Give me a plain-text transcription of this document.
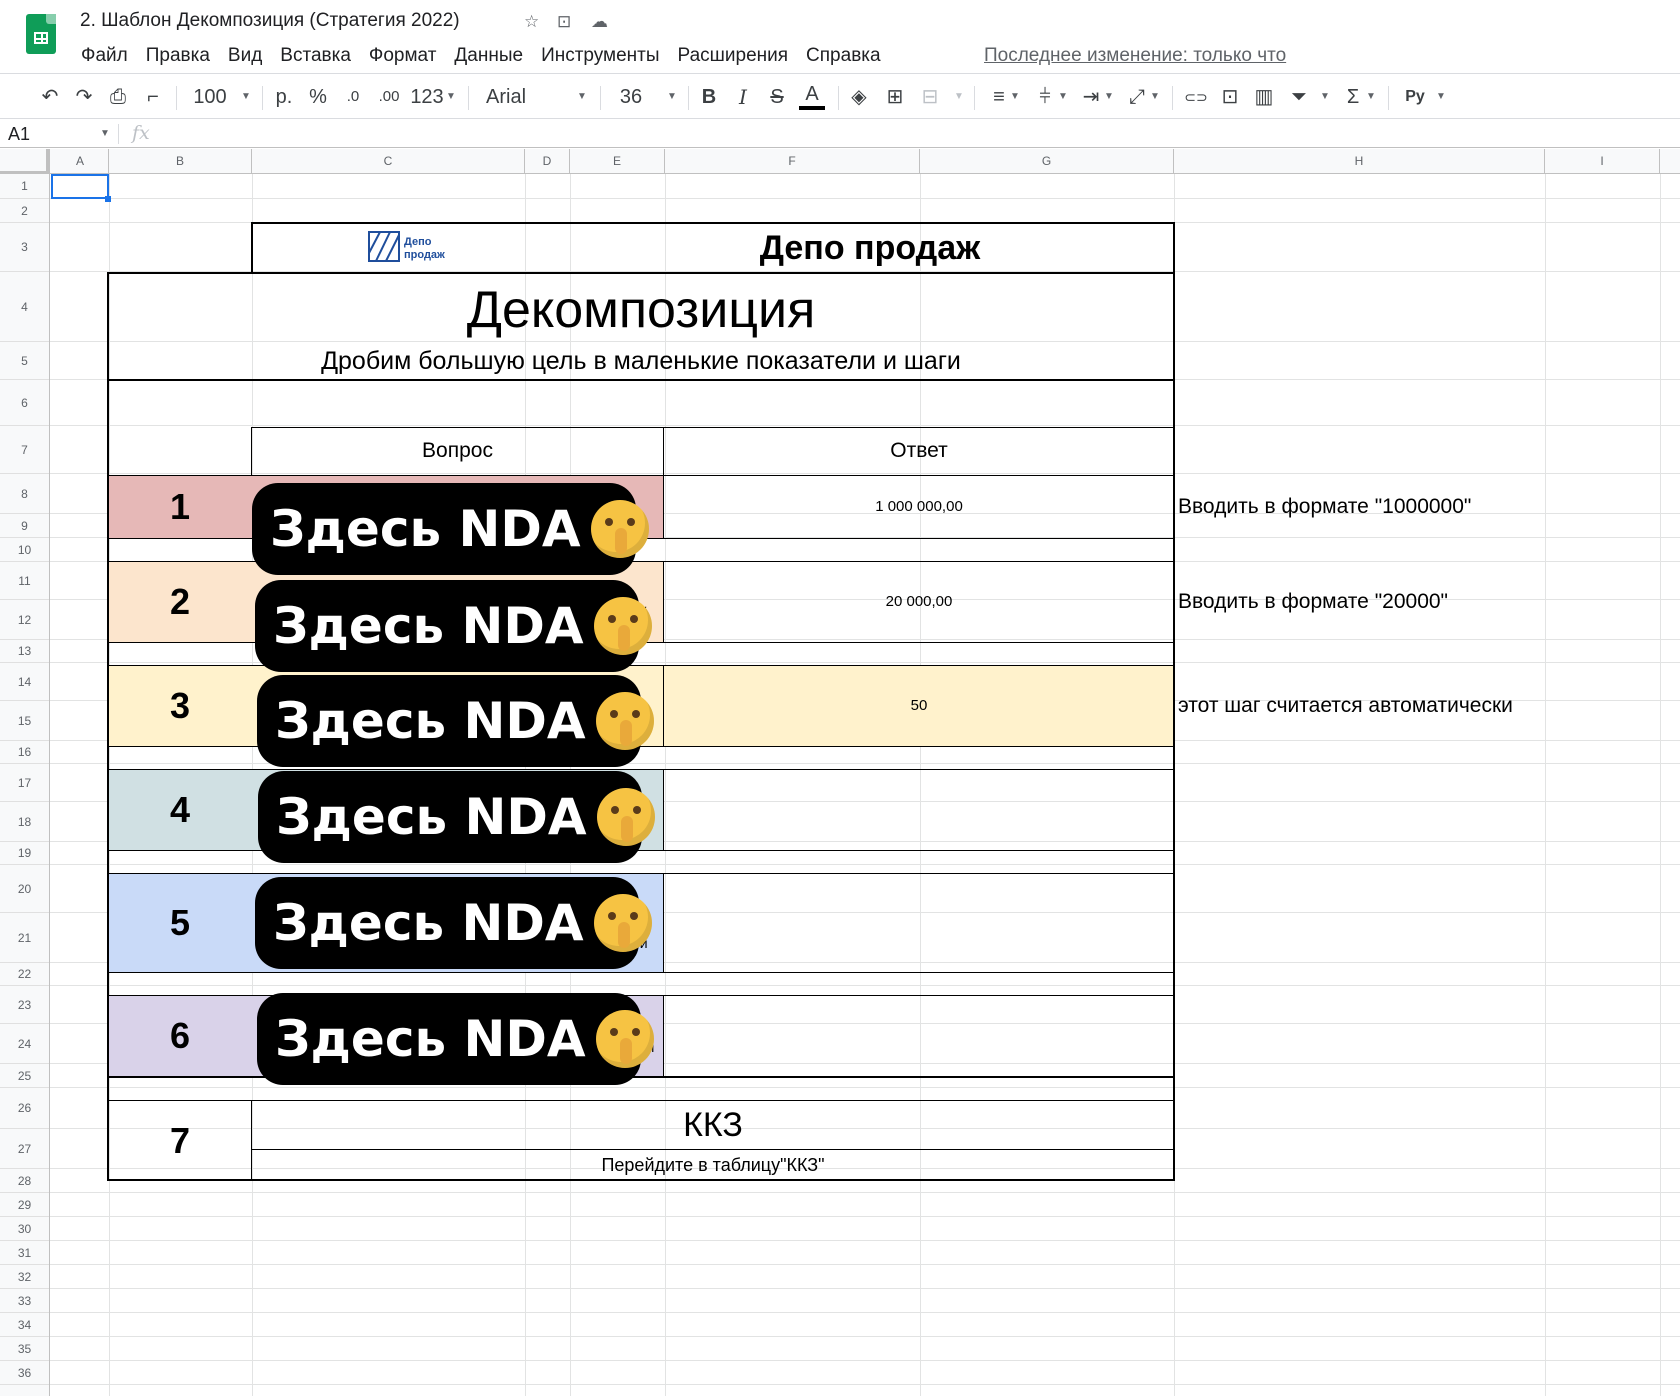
2. Шаблон Декомпозиция (Стратегия 2022)	☆ ⊡ ☁
Файл Правка Вид Вставка Формат Данные Инструменты Расширения Справка	Последнее изменение: только что
↶ ↷ ⎙ ⌐ 100	▼ р. %	.0	.00 123 ▼ Arial	▼ 36	▼ B	I	S	A	◈ ⊞ ⊟	▼ ≡ ▼ ⫩ ▼ ⇥ ▼ ⤢ ▼ ⊂⊃ ⊡ ▥ ⏷	▼ Σ ▼	Ру	▼
A1	▼ fx
A	B	C	D	E	F	G	H	I
1
2
3
4
5
6
7
8
9
10
11
12
13
14
15
16
17
18
19
20
21
22
23
24
25
26
27
28
29
30
31
32
33
34
35
36
Депо
продаж	Депо продаж
Декомпозиция
Дробим большую цель в маленькие показатели и шаги
Вопрос	Ответ
1
2
3
4
5
6
7
1 000 000,00
20 000,00
50
Вводить в формате "1000000"
Вводить в формате "20000"
этот шаг считается автоматически
Здесь NDA
Здесь NDA
Здесь NDA
Здесь NDA
Здесь NDA
Здесь NDA
ККЗ
Перейдите в таблицу"ККЗ"
